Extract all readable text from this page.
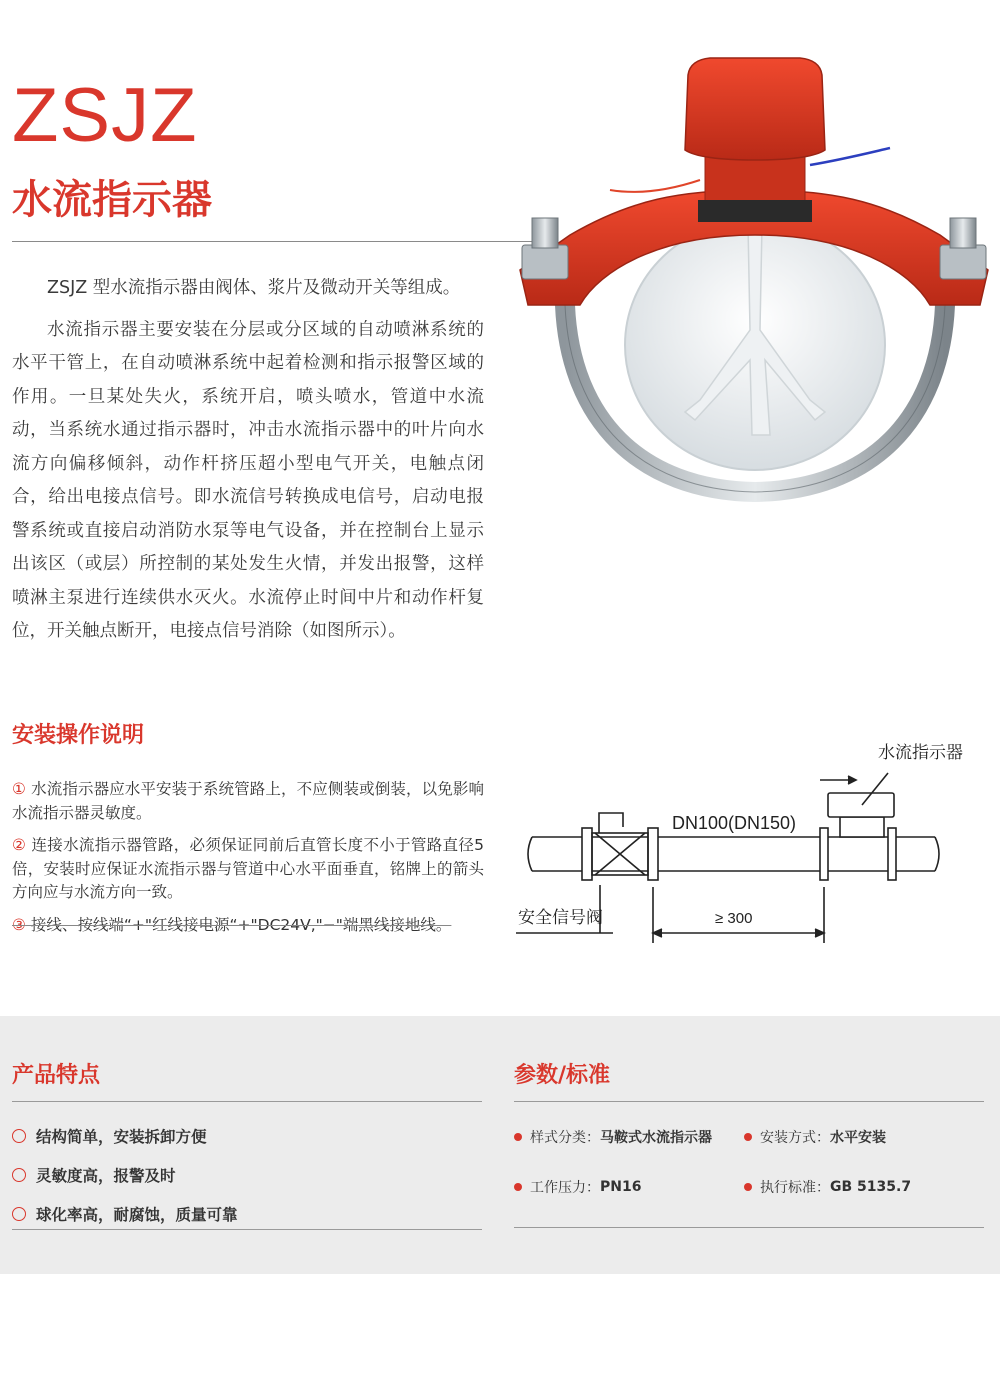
ZSJZ
水流指示器

ZSJZ 型水流指示器由阀体、浆片及微动开关等组成。

水流指示器主要安装在分层或分区域的自动喷淋系统的水平干管上，在自动喷淋系统中起着检测和指示报警区域的作用。一旦某处失火，系统开启，喷头喷水，管道中水流动，当系统水通过指示器时，冲击水流指示器中的叶片向水流方向偏移倾斜，动作杆挤压超小型电气开关，电触点闭合，给出电接点信号。即水流信号转换成电信号，启动电报警系统或直接启动消防水泵等电气设备，并在控制台上显示出该区（或层）所控制的某处发生火情，并发出报警，这样喷淋主泵进行连续供水灭火。水流停止时间中片和动作杆复位，开关触点断开，电接点信号消除（如图所示）。

安装操作说明
① 水流指示器应水平安装于系统管路上，不应侧装或倒装，以免影响水流指示器灵敏度。
② 连接水流指示器管路，必须保证同前后直管长度不小于管路直径5倍，安装时应保证水流指示器与管道中心水平面垂直，铭牌上的箭头方向应与水流方向一致。
③ 接线、按线端“+"红线接电源“+"DC24V,"−"端黑线接地线。
水流指示器
DN100(DN150)
安全信号阀	≥ 300
产品特点
结构简单，安装拆卸方便
灵敏度高，报警及时
球化率高，耐腐蚀，质量可靠
参数/标准
样式分类： 马鞍式水流指示器	安装方式： 水平安装
工作压力： PN16	执行标准： GB 5135.7
